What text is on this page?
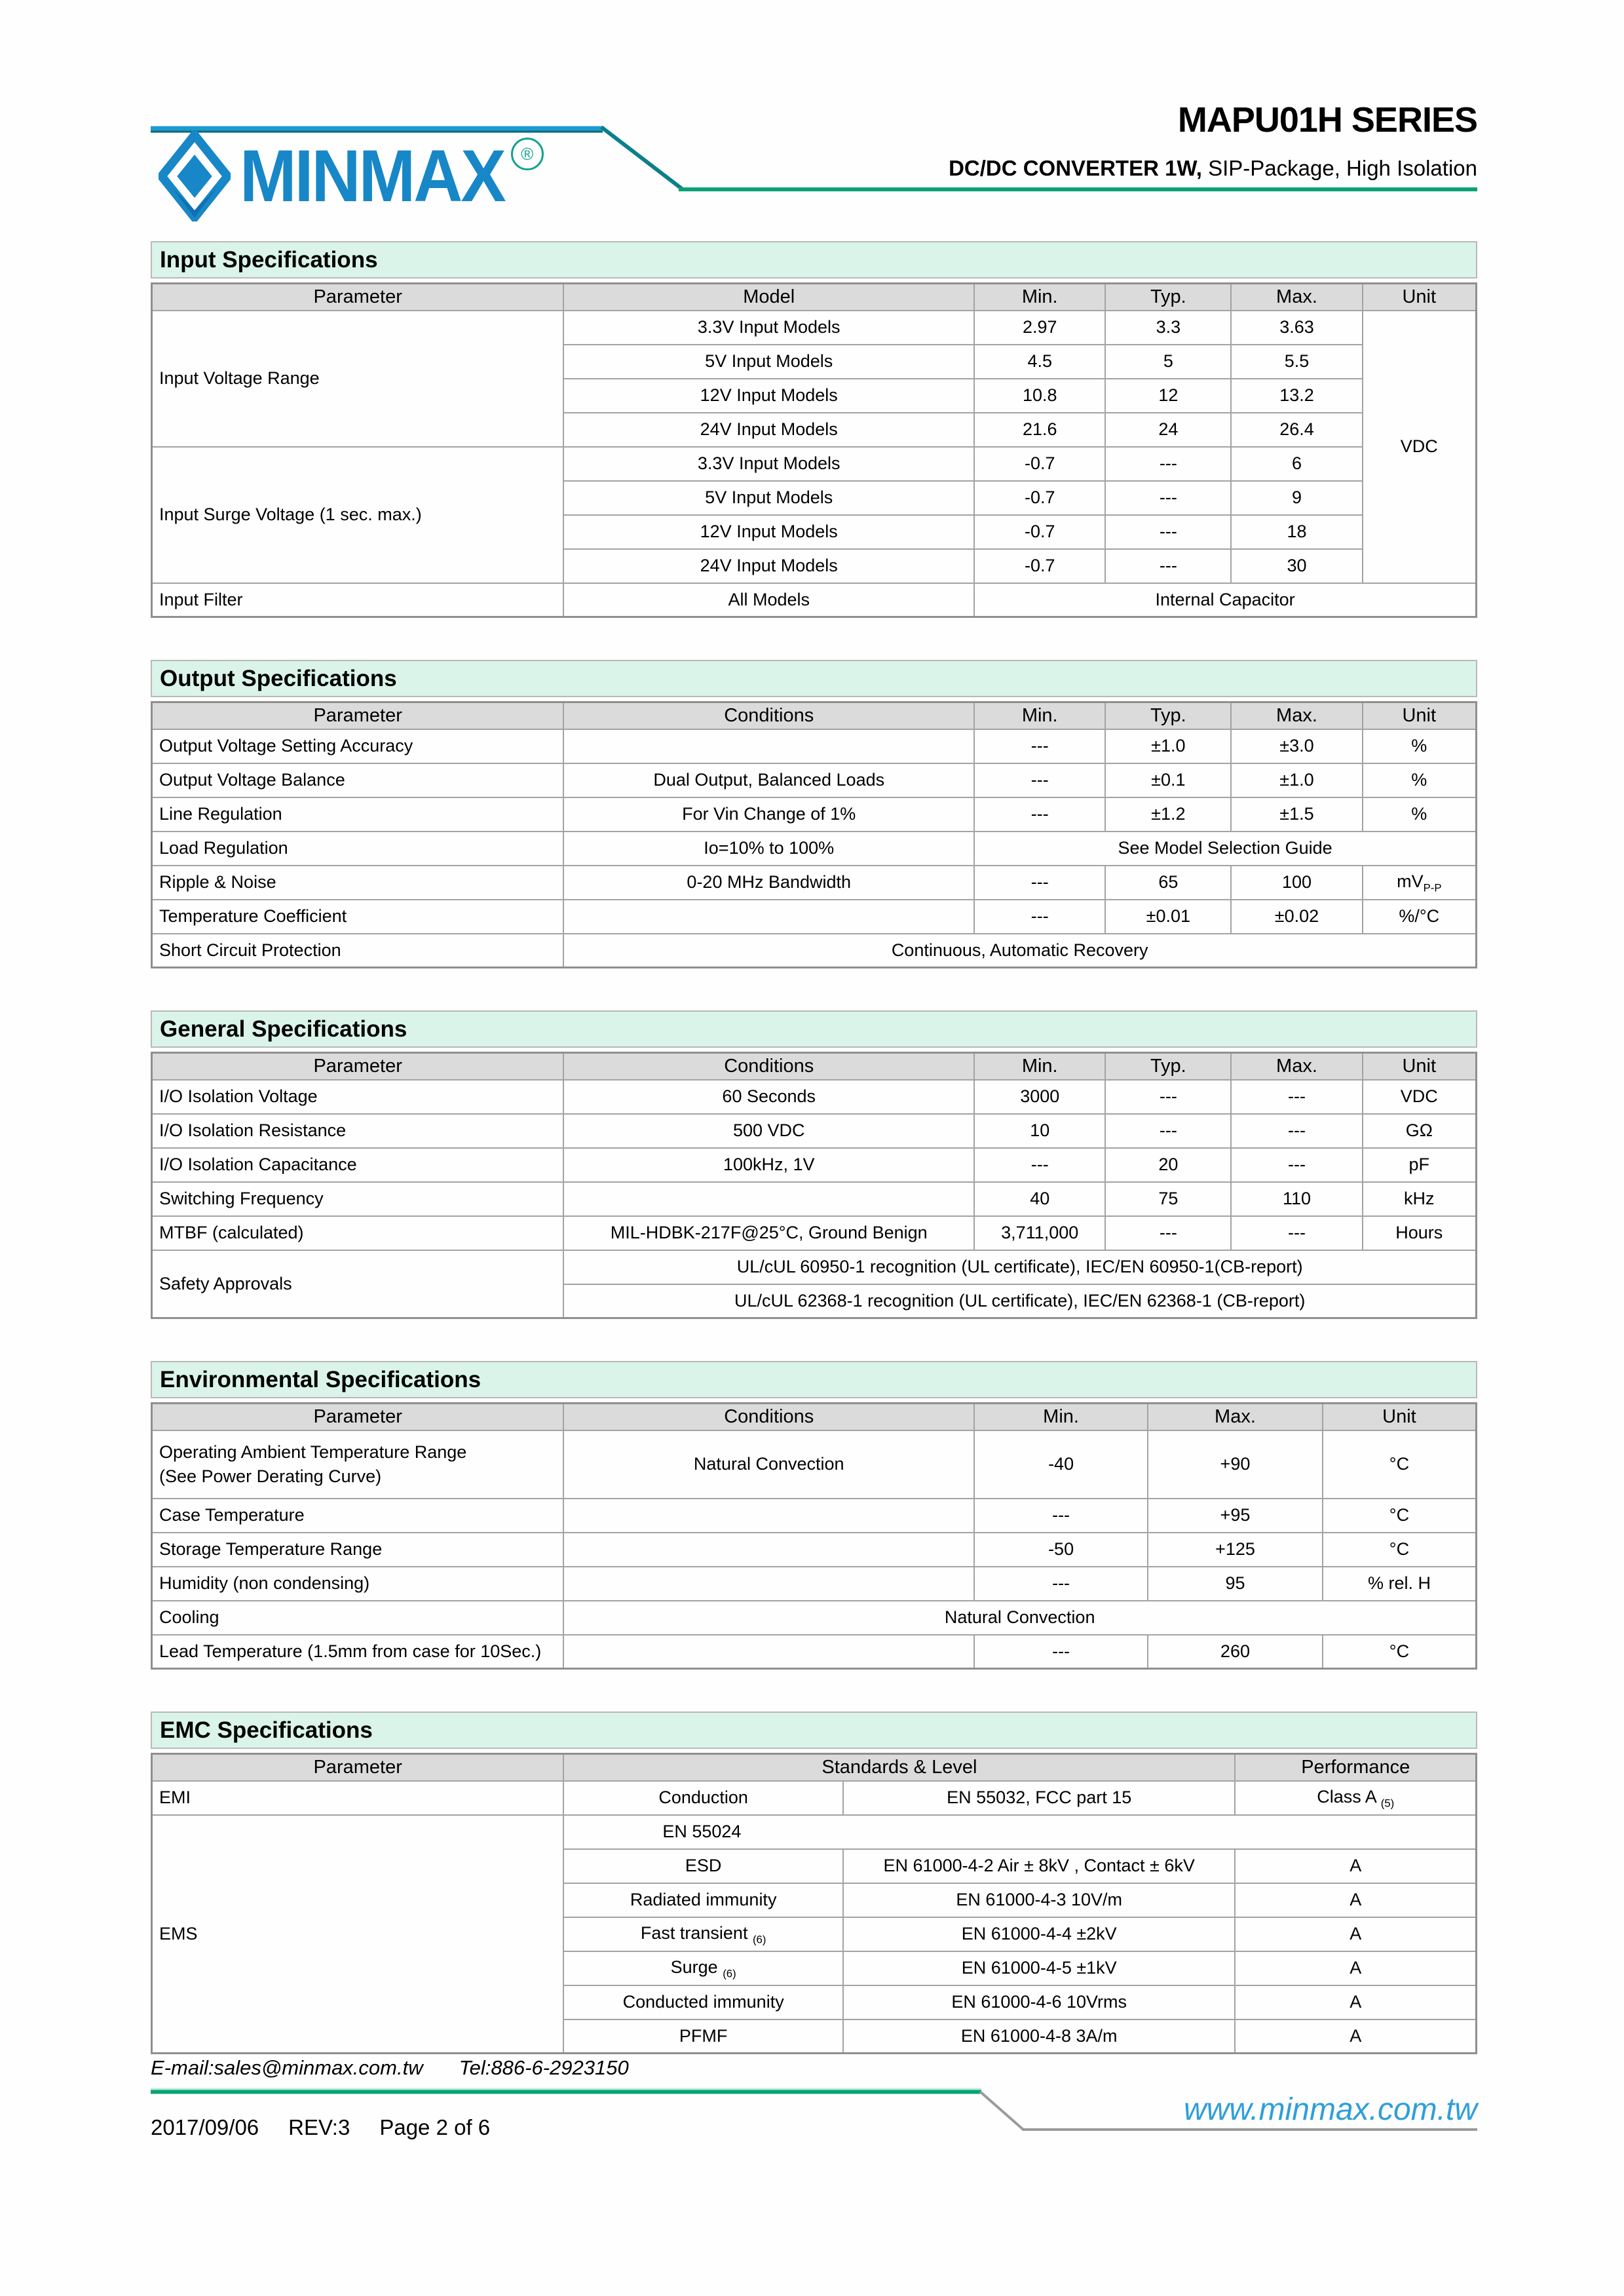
MINMAX ®
MAPU01H SERIES
DC/DC CONVERTER 1W, SIP-Package, High Isolation
Input Specifications
Parameter	Model	Min.	Typ.	Max.	Unit
Input Voltage Range	3.3V Input Models	2.97	3.3	3.63	VDC
	5V Input Models	4.5	5	5.5	
	12V Input Models	10.8	12	13.2	
	24V Input Models	21.6	24	26.4	
Input Surge Voltage (1 sec. max.)	3.3V Input Models	-0.7	---	6	
	5V Input Models	-0.7	---	9	
	12V Input Models	-0.7	---	18	
	24V Input Models	-0.7	---	30	
Input Filter	All Models	Internal Capacitor			
Output Specifications
Parameter	Conditions	Min.	Typ.	Max.	Unit
Output Voltage Setting Accuracy		---	±1.0	±3.0	%
Output Voltage Balance	Dual Output, Balanced Loads	---	±0.1	±1.0	%
Line Regulation	For Vin Change of 1%	---	±1.2	±1.5	%
Load Regulation	Io=10% to 100%	See Model Selection Guide			
Ripple & Noise	0-20 MHz Bandwidth	---	65	100	$mV_{P-P}$
Temperature Coefficient		---	±0.01	±0.02	%/°C
Short Circuit Protection	Continuous, Automatic Recovery				
General Specifications
Parameter	Conditions	Min.	Typ.	Max.	Unit
I/O Isolation Voltage	60 Seconds	3000	---	---	VDC
I/O Isolation Resistance	500 VDC	10	---	---	GΩ
I/O Isolation Capacitance	100kHz, 1V	---	20	---	pF
Switching Frequency		40	75	110	kHz
MTBF (calculated)	MIL-HDBK-217F@25°C, Ground Benign	3,711,000	---	---	Hours
Safety Approvals	UL/cUL 60950-1 recognition (UL certificate), IEC/EN 60950-1(CB-report)				
	UL/cUL 62368-1 recognition (UL certificate), IEC/EN 62368-1 (CB-report)				
Environmental Specifications
Parameter	Conditions	Min.	Max.	Unit
Operating Ambient Temperature Range
(See Power Derating Curve)	Natural Convection	-40	+90	°C
Case Temperature		---	+95	°C
Storage Temperature Range		-50	+125	°C
Humidity (non condensing)		---	95	% rel. H
Cooling	Natural Convection			
Lead Temperature (1.5mm from case for 10Sec.)		---	260	°C
EMC Specifications
Parameter	Standards & Level		Performance
EMI	Conduction	EN 55032, FCC part 15	Class A $_{(5)}$
EMS	EN 55024		
	ESD	EN 61000-4-2 Air ± 8kV , Contact ± 6kV	A
	Radiated immunity	EN 61000-4-3 10V/m	A
	Fast transient $_{(6)}$	EN 61000-4-4 ±2kV	A
	Surge $_{(6)}$	EN 61000-4-5 ±1kV	A
	Conducted immunity	EN 61000-4-6 10Vrms	A
	PFMF	EN 61000-4-8 3A/m	A
E-mail:sales@minmax.com.tw Tel:886-6-2923150
2017/09/06 REV:3 Page 2 of 6
www.minmax.com.tw
